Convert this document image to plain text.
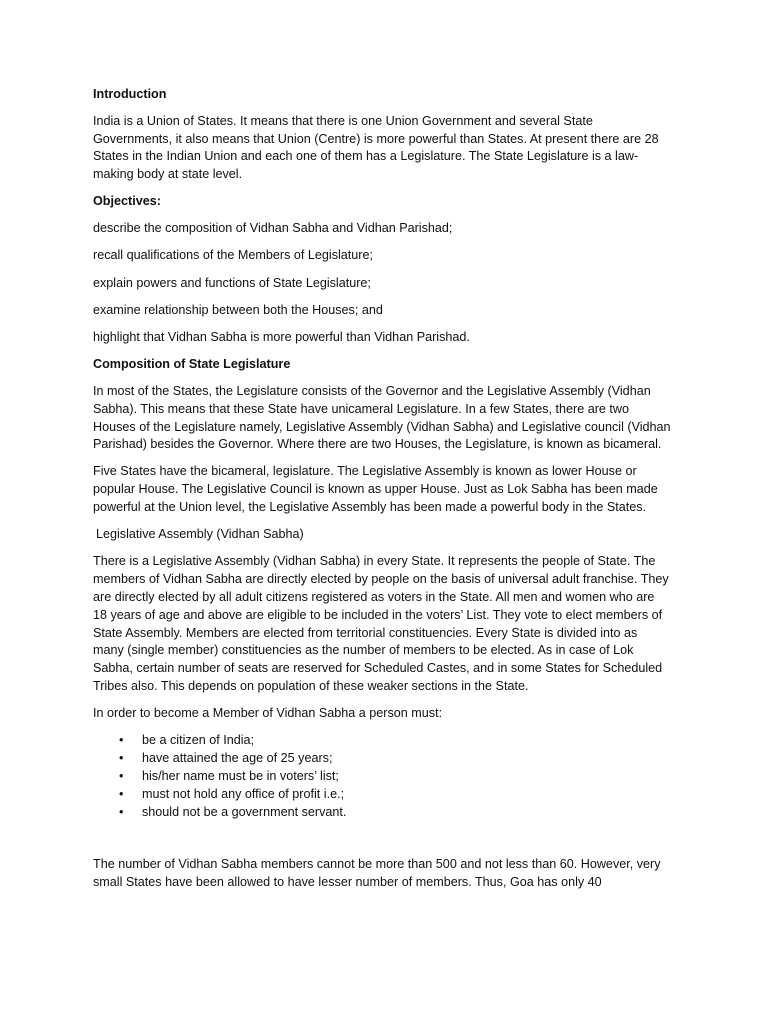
Introduction

India is a Union of States. It means that there is one Union Government and several State Governments, it also means that Union (Centre) is more powerful than States. At present there are 28 States in the Indian Union and each one of them has a Legislature. The State Legislature is a law-making body at state level.

Objectives:

describe the composition of Vidhan Sabha and Vidhan Parishad;

recall qualifications of the Members of Legislature;

explain powers and functions of State Legislature;

examine relationship between both the Houses; and

highlight that Vidhan Sabha is more powerful than Vidhan Parishad.

Composition of State Legislature

In most of the States, the Legislature consists of the Governor and the Legislative Assembly (Vidhan Sabha). This means that these State have unicameral Legislature. In a few States, there are two Houses of the Legislature namely, Legislative Assembly (Vidhan Sabha) and Legislative council (Vidhan Parishad) besides the Governor. Where there are two Houses, the Legislature, is known as bicameral.

Five States have the bicameral, legislature. The Legislative Assembly is known as lower House or popular House. The Legislative Council is known as upper House. Just as Lok Sabha has been made powerful at the Union level, the Legislative Assembly has been made a powerful body in the States.

Legislative Assembly (Vidhan Sabha)

There is a Legislative Assembly (Vidhan Sabha) in every State. It represents the people of State. The members of Vidhan Sabha are directly elected by people on the basis of universal adult franchise. They are directly elected by all adult citizens registered as voters in the State. All men and women who are 18 years of age and above are eligible to be included in the voters’ List. They vote to elect members of State Assembly. Members are elected from territorial constituencies. Every State is divided into as many (single member) constituencies as the number of members to be elected. As in case of Lok Sabha, certain number of seats are reserved for Scheduled Castes, and in some States for Scheduled Tribes also. This depends on population of these weaker sections in the State.

In order to become a Member of Vidhan Sabha a person must:

• be a citizen of India;
• have attained the age of 25 years;
• his/her name must be in voters’ list;
• must not hold any office of profit i.e.;
• should not be a government servant.

The number of Vidhan Sabha members cannot be more than 500 and not less than 60. However, very small States have been allowed to have lesser number of members. Thus, Goa has only 40
